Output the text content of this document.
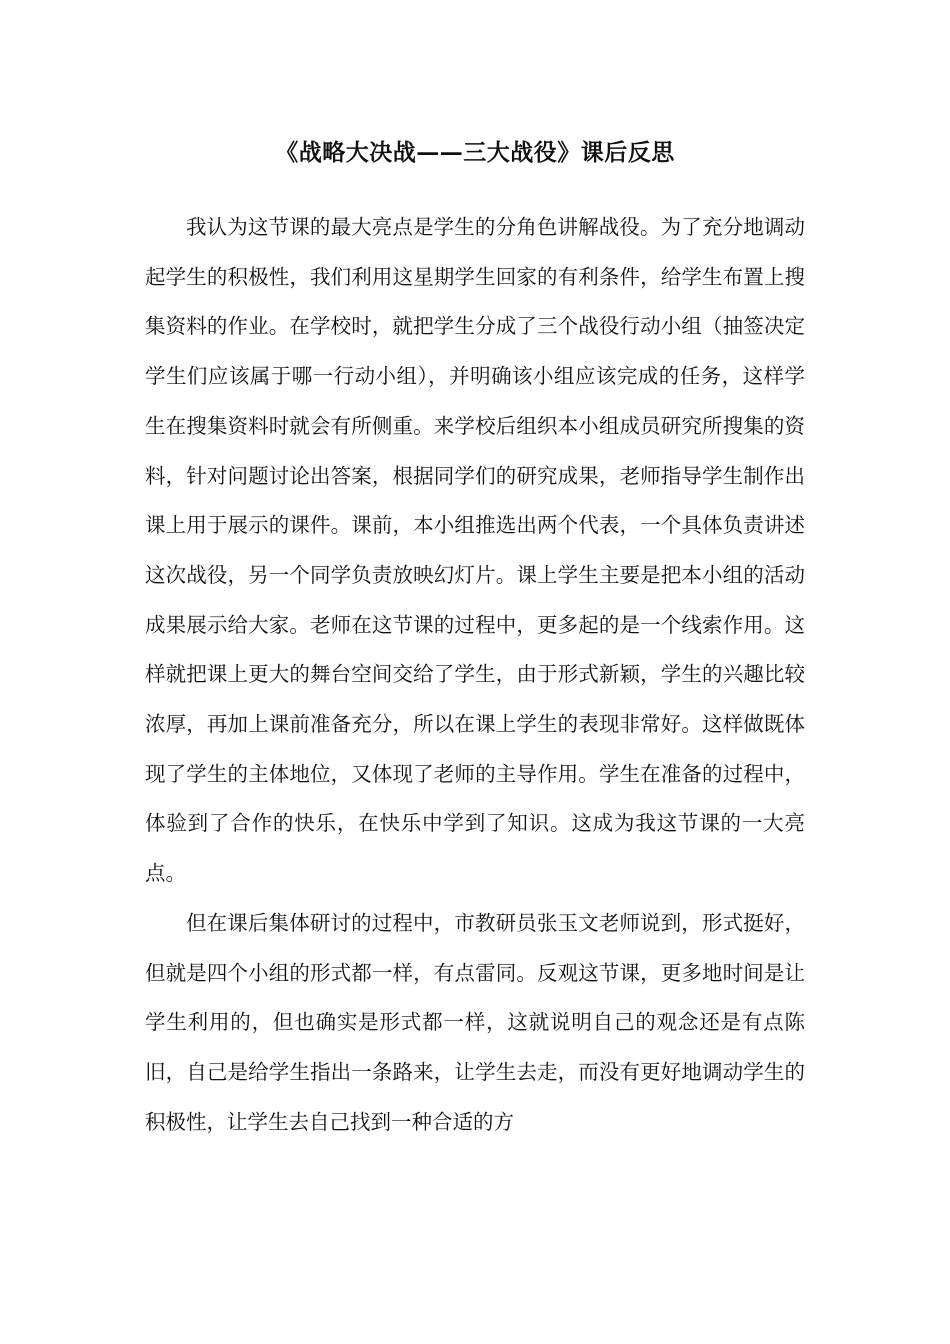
《战略大决战——三大战役》课后反思

我认为这节课的最大亮点是学生的分角色讲解战役。为了充分地调动起学生的积极性，我们利用这星期学生回家的有利条件，给学生布置上搜集资料的作业。在学校时，就把学生分成了三个战役行动小组（抽签决定学生们应该属于哪一行动小组），并明确该小组应该完成的任务，这样学生在搜集资料时就会有所侧重。来学校后组织本小组成员研究所搜集的资料，针对问题讨论出答案，根据同学们的研究成果，老师指导学生制作出课上用于展示的课件。课前，本小组推选出两个代表，一个具体负责讲述这次战役，另一个同学负责放映幻灯片。课上学生主要是把本小组的活动成果展示给大家。老师在这节课的过程中，更多起的是一个线索作用。这样就把课上更大的舞台空间交给了学生，由于形式新颖，学生的兴趣比较浓厚，再加上课前准备充分，所以在课上学生的表现非常好。这样做既体现了学生的主体地位，又体现了老师的主导作用。学生在准备的过程中，体验到了合作的快乐，在快乐中学到了知识。这成为我这节课的一大亮点。

但在课后集体研讨的过程中，市教研员张玉文老师说到，形式挺好，但就是四个小组的形式都一样，有点雷同。反观这节课，更多地时间是让学生利用的，但也确实是形式都一样，这就说明自己的观念还是有点陈旧，自己是给学生指出一条路来，让学生去走，而没有更好地调动学生的积极性，让学生去自己找到一种合适的方
